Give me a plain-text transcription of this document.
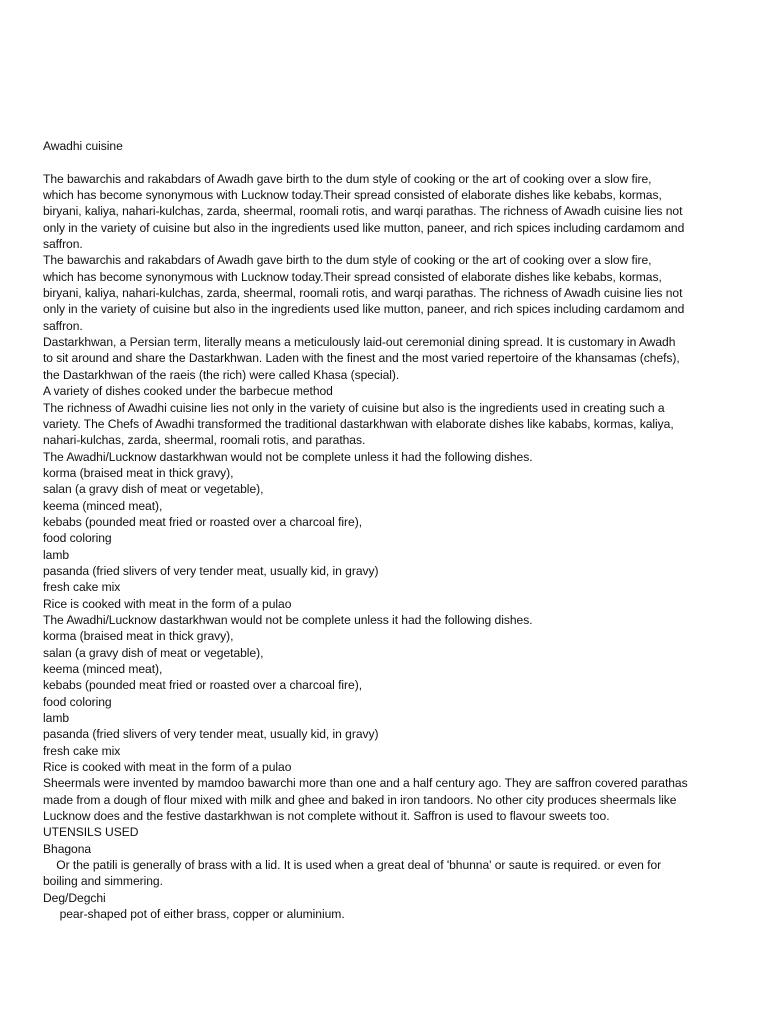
Awadhi cuisine
The bawarchis and rakabdars of Awadh gave birth to the dum style of cooking or the art of cooking over a slow fire,
which has become synonymous with Lucknow today.Their spread consisted of elaborate dishes like kebabs, kormas,
biryani, kaliya, nahari-kulchas, zarda, sheermal, roomali rotis, and warqi parathas. The richness of Awadh cuisine lies not
only in the variety of cuisine but also in the ingredients used like mutton, paneer, and rich spices including cardamom and
saffron.
The bawarchis and rakabdars of Awadh gave birth to the dum style of cooking or the art of cooking over a slow fire,
which has become synonymous with Lucknow today.Their spread consisted of elaborate dishes like kebabs, kormas,
biryani, kaliya, nahari-kulchas, zarda, sheermal, roomali rotis, and warqi parathas. The richness of Awadh cuisine lies not
only in the variety of cuisine but also in the ingredients used like mutton, paneer, and rich spices including cardamom and
saffron.
Dastarkhwan, a Persian term, literally means a meticulously laid-out ceremonial dining spread. It is customary in Awadh
to sit around and share the Dastarkhwan. Laden with the finest and the most varied repertoire of the khansamas (chefs),
the Dastarkhwan of the raeis (the rich) were called Khasa (special).
A variety of dishes cooked under the barbecue method
The richness of Awadhi cuisine lies not only in the variety of cuisine but also is the ingredients used in creating such a
variety. The Chefs of Awadhi transformed the traditional dastarkhwan with elaborate dishes like kababs, kormas, kaliya,
nahari-kulchas, zarda, sheermal, roomali rotis, and parathas.
The Awadhi/Lucknow dastarkhwan would not be complete unless it had the following dishes.
korma (braised meat in thick gravy),
salan (a gravy dish of meat or vegetable),
keema (minced meat),
kebabs (pounded meat fried or roasted over a charcoal fire),
food coloring
lamb
pasanda (fried slivers of very tender meat, usually kid, in gravy)
fresh cake mix
Rice is cooked with meat in the form of a pulao
The Awadhi/Lucknow dastarkhwan would not be complete unless it had the following dishes.
korma (braised meat in thick gravy),
salan (a gravy dish of meat or vegetable),
keema (minced meat),
kebabs (pounded meat fried or roasted over a charcoal fire),
food coloring
lamb
pasanda (fried slivers of very tender meat, usually kid, in gravy)
fresh cake mix
Rice is cooked with meat in the form of a pulao
Sheermals were invented by mamdoo bawarchi more than one and a half century ago. They are saffron covered parathas
made from a dough of flour mixed with milk and ghee and baked in iron tandoors. No other city produces sheermals like
Lucknow does and the festive dastarkhwan is not complete without it. Saffron is used to flavour sweets too.
UTENSILS USED
Bhagona
Or the patili is generally of brass with a lid. It is used when a great deal of 'bhunna' or saute is required. or even for
boiling and simmering.
Deg/Degchi
pear-shaped pot of either brass, copper or aluminium.
